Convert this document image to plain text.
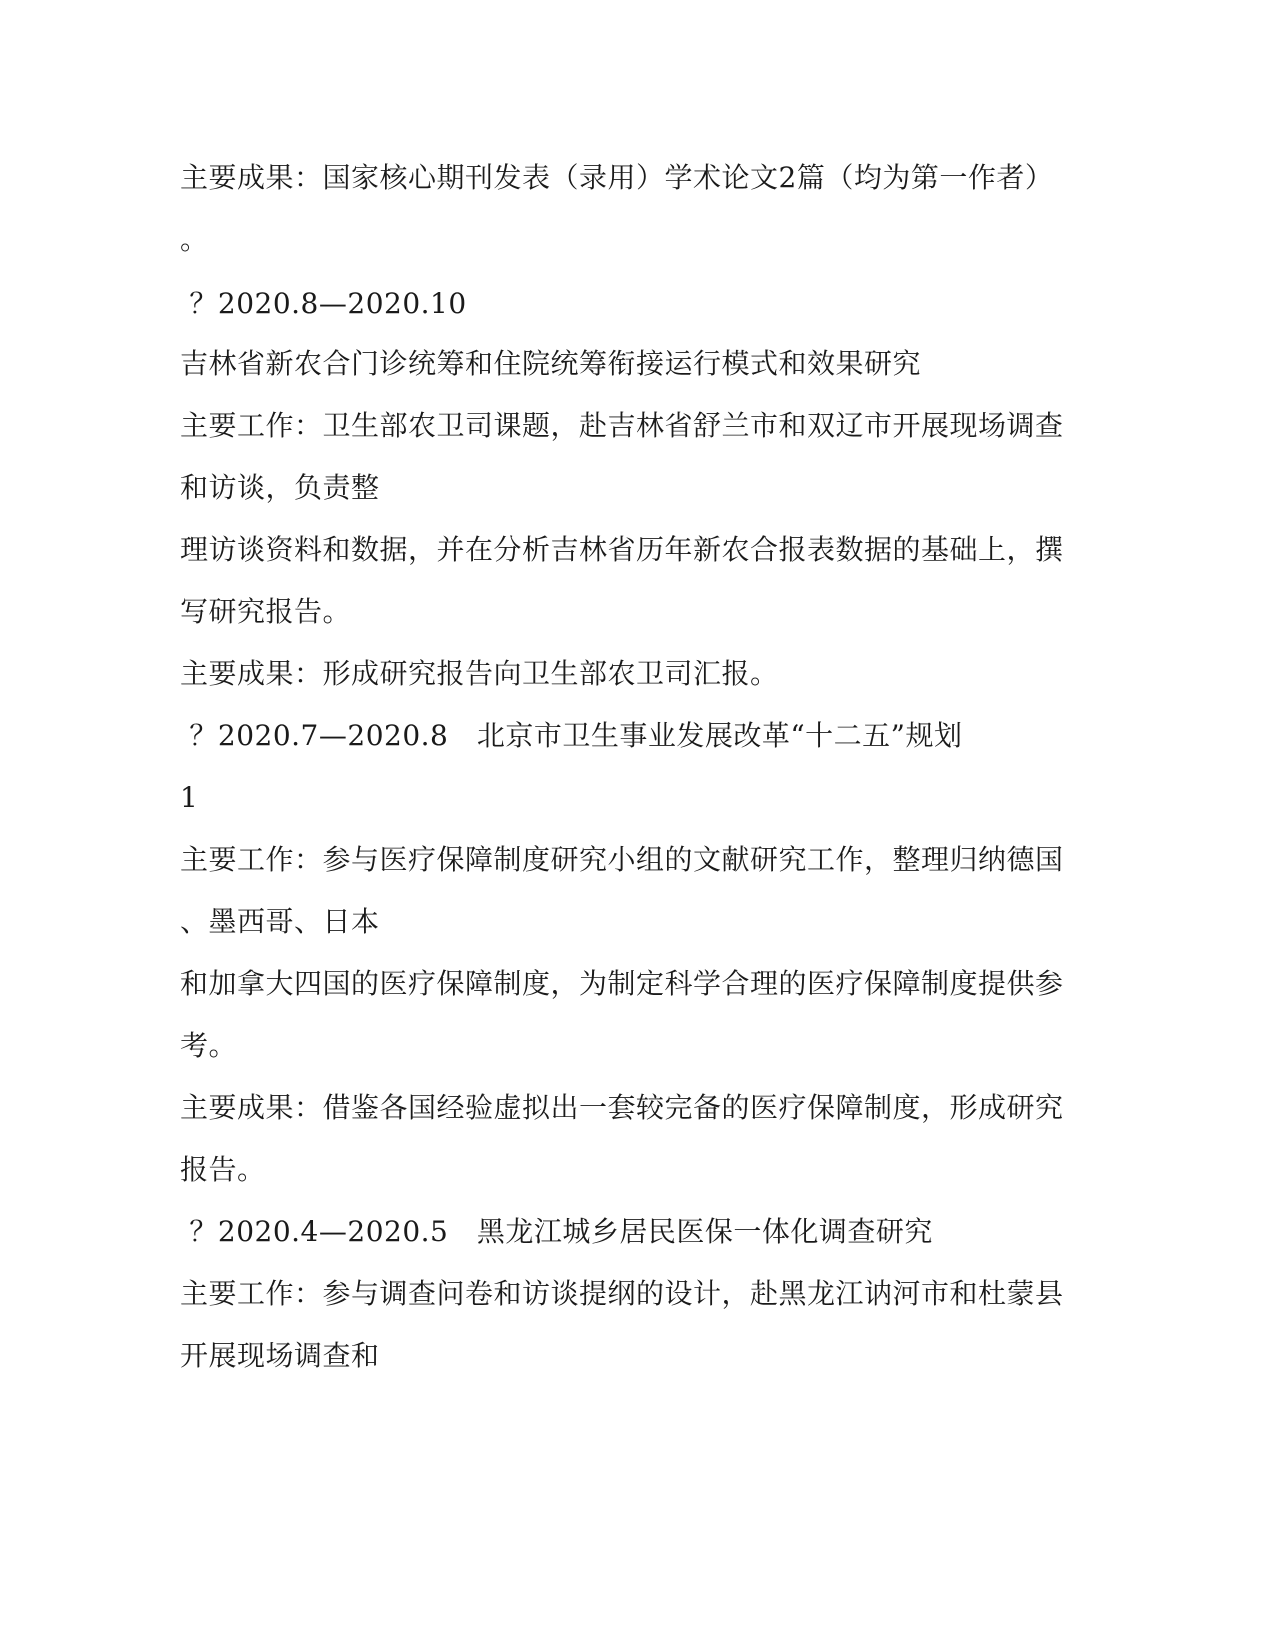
主要成果：国家核心期刊发表（录用）学术论文2篇（均为第一作者）
。
？2020.8—2020.10
吉林省新农合门诊统筹和住院统筹衔接运行模式和效果研究
主要工作：卫生部农卫司课题，赴吉林省舒兰市和双辽市开展现场调查
和访谈，负责整
理访谈资料和数据，并在分析吉林省历年新农合报表数据的基础上，撰
写研究报告。
主要成果：形成研究报告向卫生部农卫司汇报。
？2020.7—2020.8　北京市卫生事业发展改革“十二五”规划
1
主要工作：参与医疗保障制度研究小组的文献研究工作，整理归纳德国
、墨西哥、日本
和加拿大四国的医疗保障制度，为制定科学合理的医疗保障制度提供参
考。
主要成果：借鉴各国经验虚拟出一套较完备的医疗保障制度，形成研究
报告。
？2020.4—2020.5　黑龙江城乡居民医保一体化调查研究
主要工作：参与调查问卷和访谈提纲的设计，赴黑龙江讷河市和杜蒙县
开展现场调查和
